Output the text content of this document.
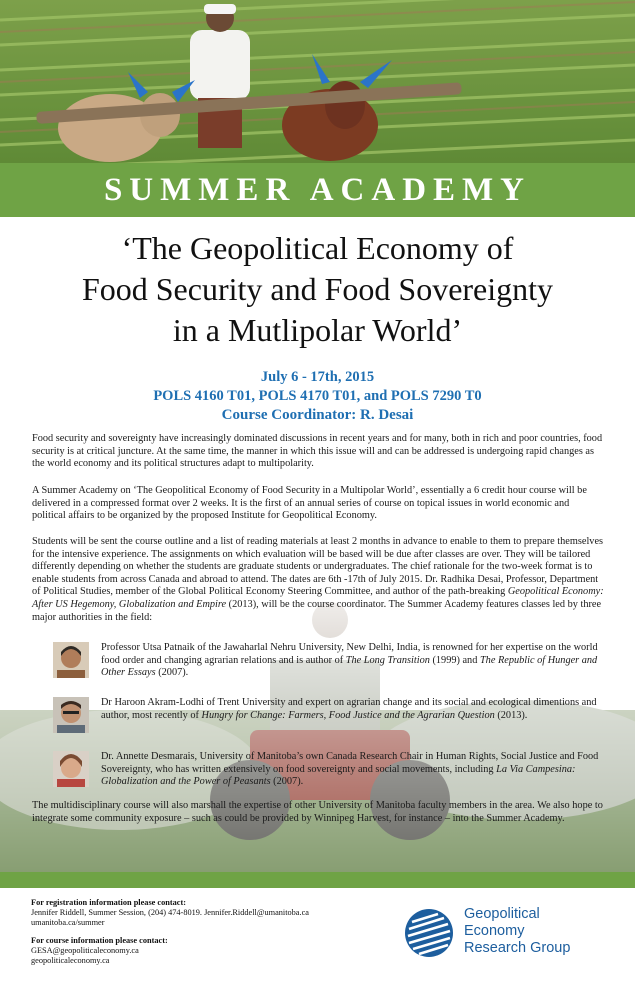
SUMMER ACADEMY
‘The Geopolitical Economy of
Food Security and Food Sovereignty
in a Mutlipolar World’
July 6 - 17th, 2015
POLS 4160 T01, POLS 4170 T01, and POLS 7290 T0
Course Coordinator: R. Desai

Food security and sovereignty have increasingly dominated discussions in recent years and for many, both in rich and poor countries, food security is at critical juncture. At the same time, the manner in which this issue will and can be addressed is undergoing rapid changes as the world economy and its political structures adapt to multipolarity.

A Summer Academy on ‘The Geopolitical Economy of Food Security in a Multipolar World’, essentially a 6 credit hour course will be delivered in a compressed format over 2 weeks. It is the first of an annual series of course on topical issues in world economic and political affairs to be organized by the proposed Institute for Geopolitical Economy.

Students will be sent the course outline and a list of reading materials at least 2 months in advance to enable to them to prepare themselves for the intensive experience. The assignments on which evaluation will be based will be due after classes are over. They will be tailored differently depending on whether the students are graduate students or undergraduates. The chief rationale for the two-week format is to enable students from across Canada and abroad to attend. The dates are 6th -17th of July 2015. Dr. Radhika Desai, Professor, Department of Political Studies, member of the Global Political Economy Steering Committee, and author of the path-breaking Geopolitical Economy: After US Hegemony, Globalization and Empire (2013), will be the course coordinator. The Summer Academy features classes led by three major authorities in the field:

Professor Utsa Patnaik of the Jawaharlal Nehru University, New Delhi, India, is renowned for her expertise on the world food order and changing agrarian relations and is author of The Long Transition (1999) and The Republic of Hunger and Other Essays (2007).
Dr Haroon Akram-Lodhi of Trent University and expert on agrarian change and its social and ecological dimentions and author, most recently of Hungry for Change: Farmers, Food Justice and the Agrarian Question (2013).
Dr. Annette Desmarais, University of Manitoba’s own Canada Research Chair in Human Rights, Social Justice and Food Sovereignty, who has written extensively on food sovereignty and social movements, including La Via Campesina: Globalization and the Power of Peasants (2007).

The multidisciplinary course will also marshall the expertise of other University of Manitoba faculty members in the area. We also hope to integrate some community exposure – such as could be provided by Winnipeg Harvest, for instance – into the Summer Academy.

For registration information please contact:
Jennifer Riddell, Summer Session, (204) 474-8019. Jennifer.Riddell@umanitoba.ca
umanitoba.ca/summer
For course information please contact:
GESA@geopoliticaleconomy.ca
geopoliticaleconomy.ca
Geopolitical
Economy
Research Group
